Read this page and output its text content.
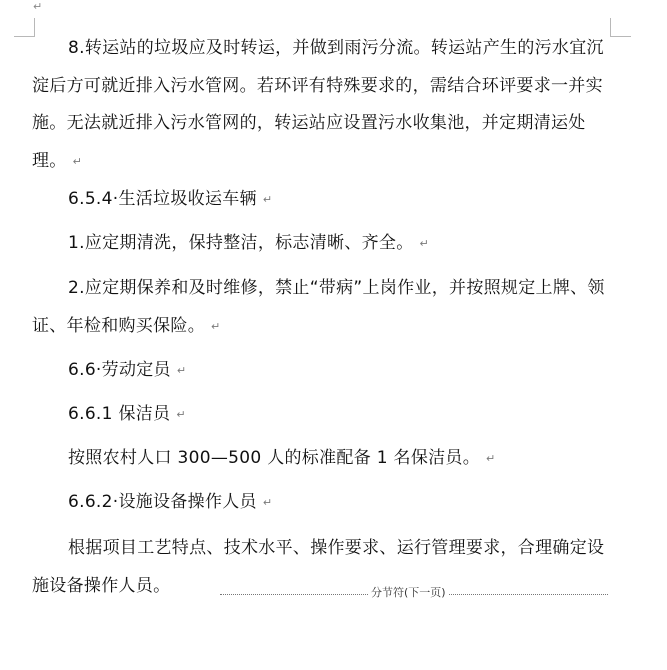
↵

8.转运站的垃圾应及时转运，并做到雨污分流。转运站产生的污水宜沉淀后方可就近排入污水管网。若环评有特殊要求的，需结合环评要求一并实施。无法就近排入污水管网的，转运站应设置污水收集池，并定期清运处理。 ↵

6.5.4·生活垃圾收运车辆 ↵

1.应定期清洗，保持整洁，标志清晰、齐全。 ↵

2.应定期保养和及时维修，禁止“带病”上岗作业，并按照规定上牌、领证、年检和购买保险。 ↵

6.6·劳动定员 ↵

6.6.1 保洁员 ↵

按照农村人口 300—500 人的标准配备 1 名保洁员。 ↵

6.6.2·设施设备操作人员 ↵

根据项目工艺特点、技术水平、操作要求、运行管理要求，合理确定设施设备操作人员。	分节符(下一页)
